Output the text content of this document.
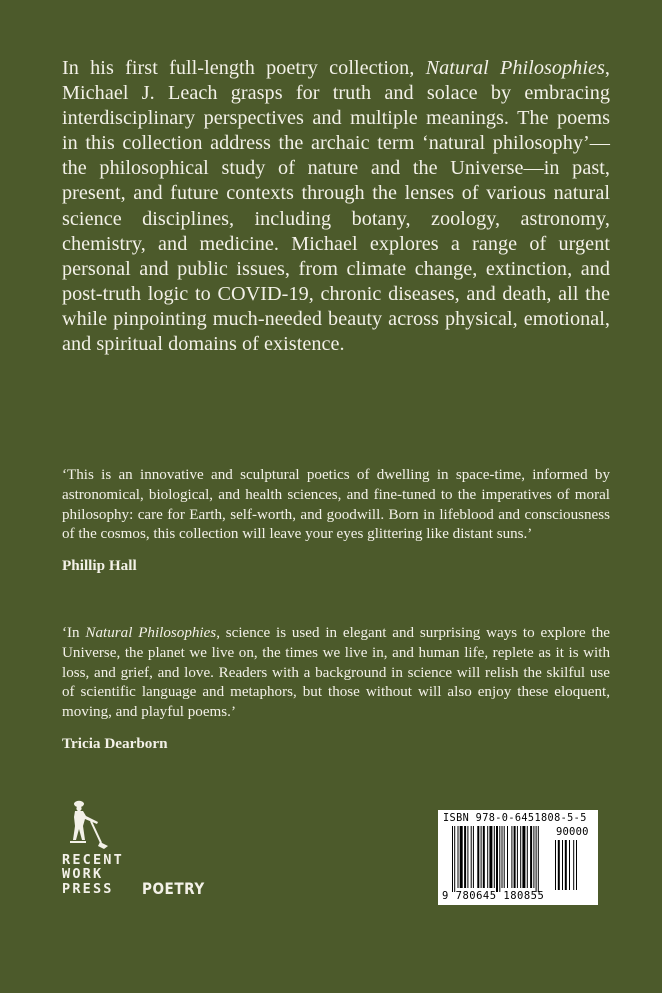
In his first full-length poetry collection, Natural Philosophies, Michael J. Leach grasps for truth and solace by embracing interdisciplinary perspectives and multiple meanings. The poems in this collection address the archaic term ‘natural philosophy’—the philosophical study of nature and the Universe—in past, present, and future contexts through the lenses of various natural science disciplines, including botany, zoology, astronomy, chemistry, and medicine. Michael explores a range of urgent personal and public issues, from climate change, extinction, and post-truth logic to COVID-19, chronic diseases, and death, all the while pinpointing much-needed beauty across physical, emotional, and spiritual domains of existence.

‘This is an innovative and sculptural poetics of dwelling in space-time, informed by astronomical, biological, and health sciences, and fine-tuned to the imperatives of moral philosophy: care for Earth, self-worth, and goodwill. Born in lifeblood and consciousness of the cosmos, this collection will leave your eyes glittering like distant suns.’

Phillip Hall

‘In Natural Philosophies, science is used in elegant and surprising ways to explore the Universe, the planet we live on, the times we live in, and human life, replete as it is with loss, and grief, and love. Readers with a background in science will relish the skilful use of scientific language and metaphors, but those without will also enjoy these eloquent, moving, and playful poems.’

Tricia Dearborn

RECENT
WORK
PRESS	POETRY
ISBN 978-0-6451808-5-5
90000
9 780645 180855
